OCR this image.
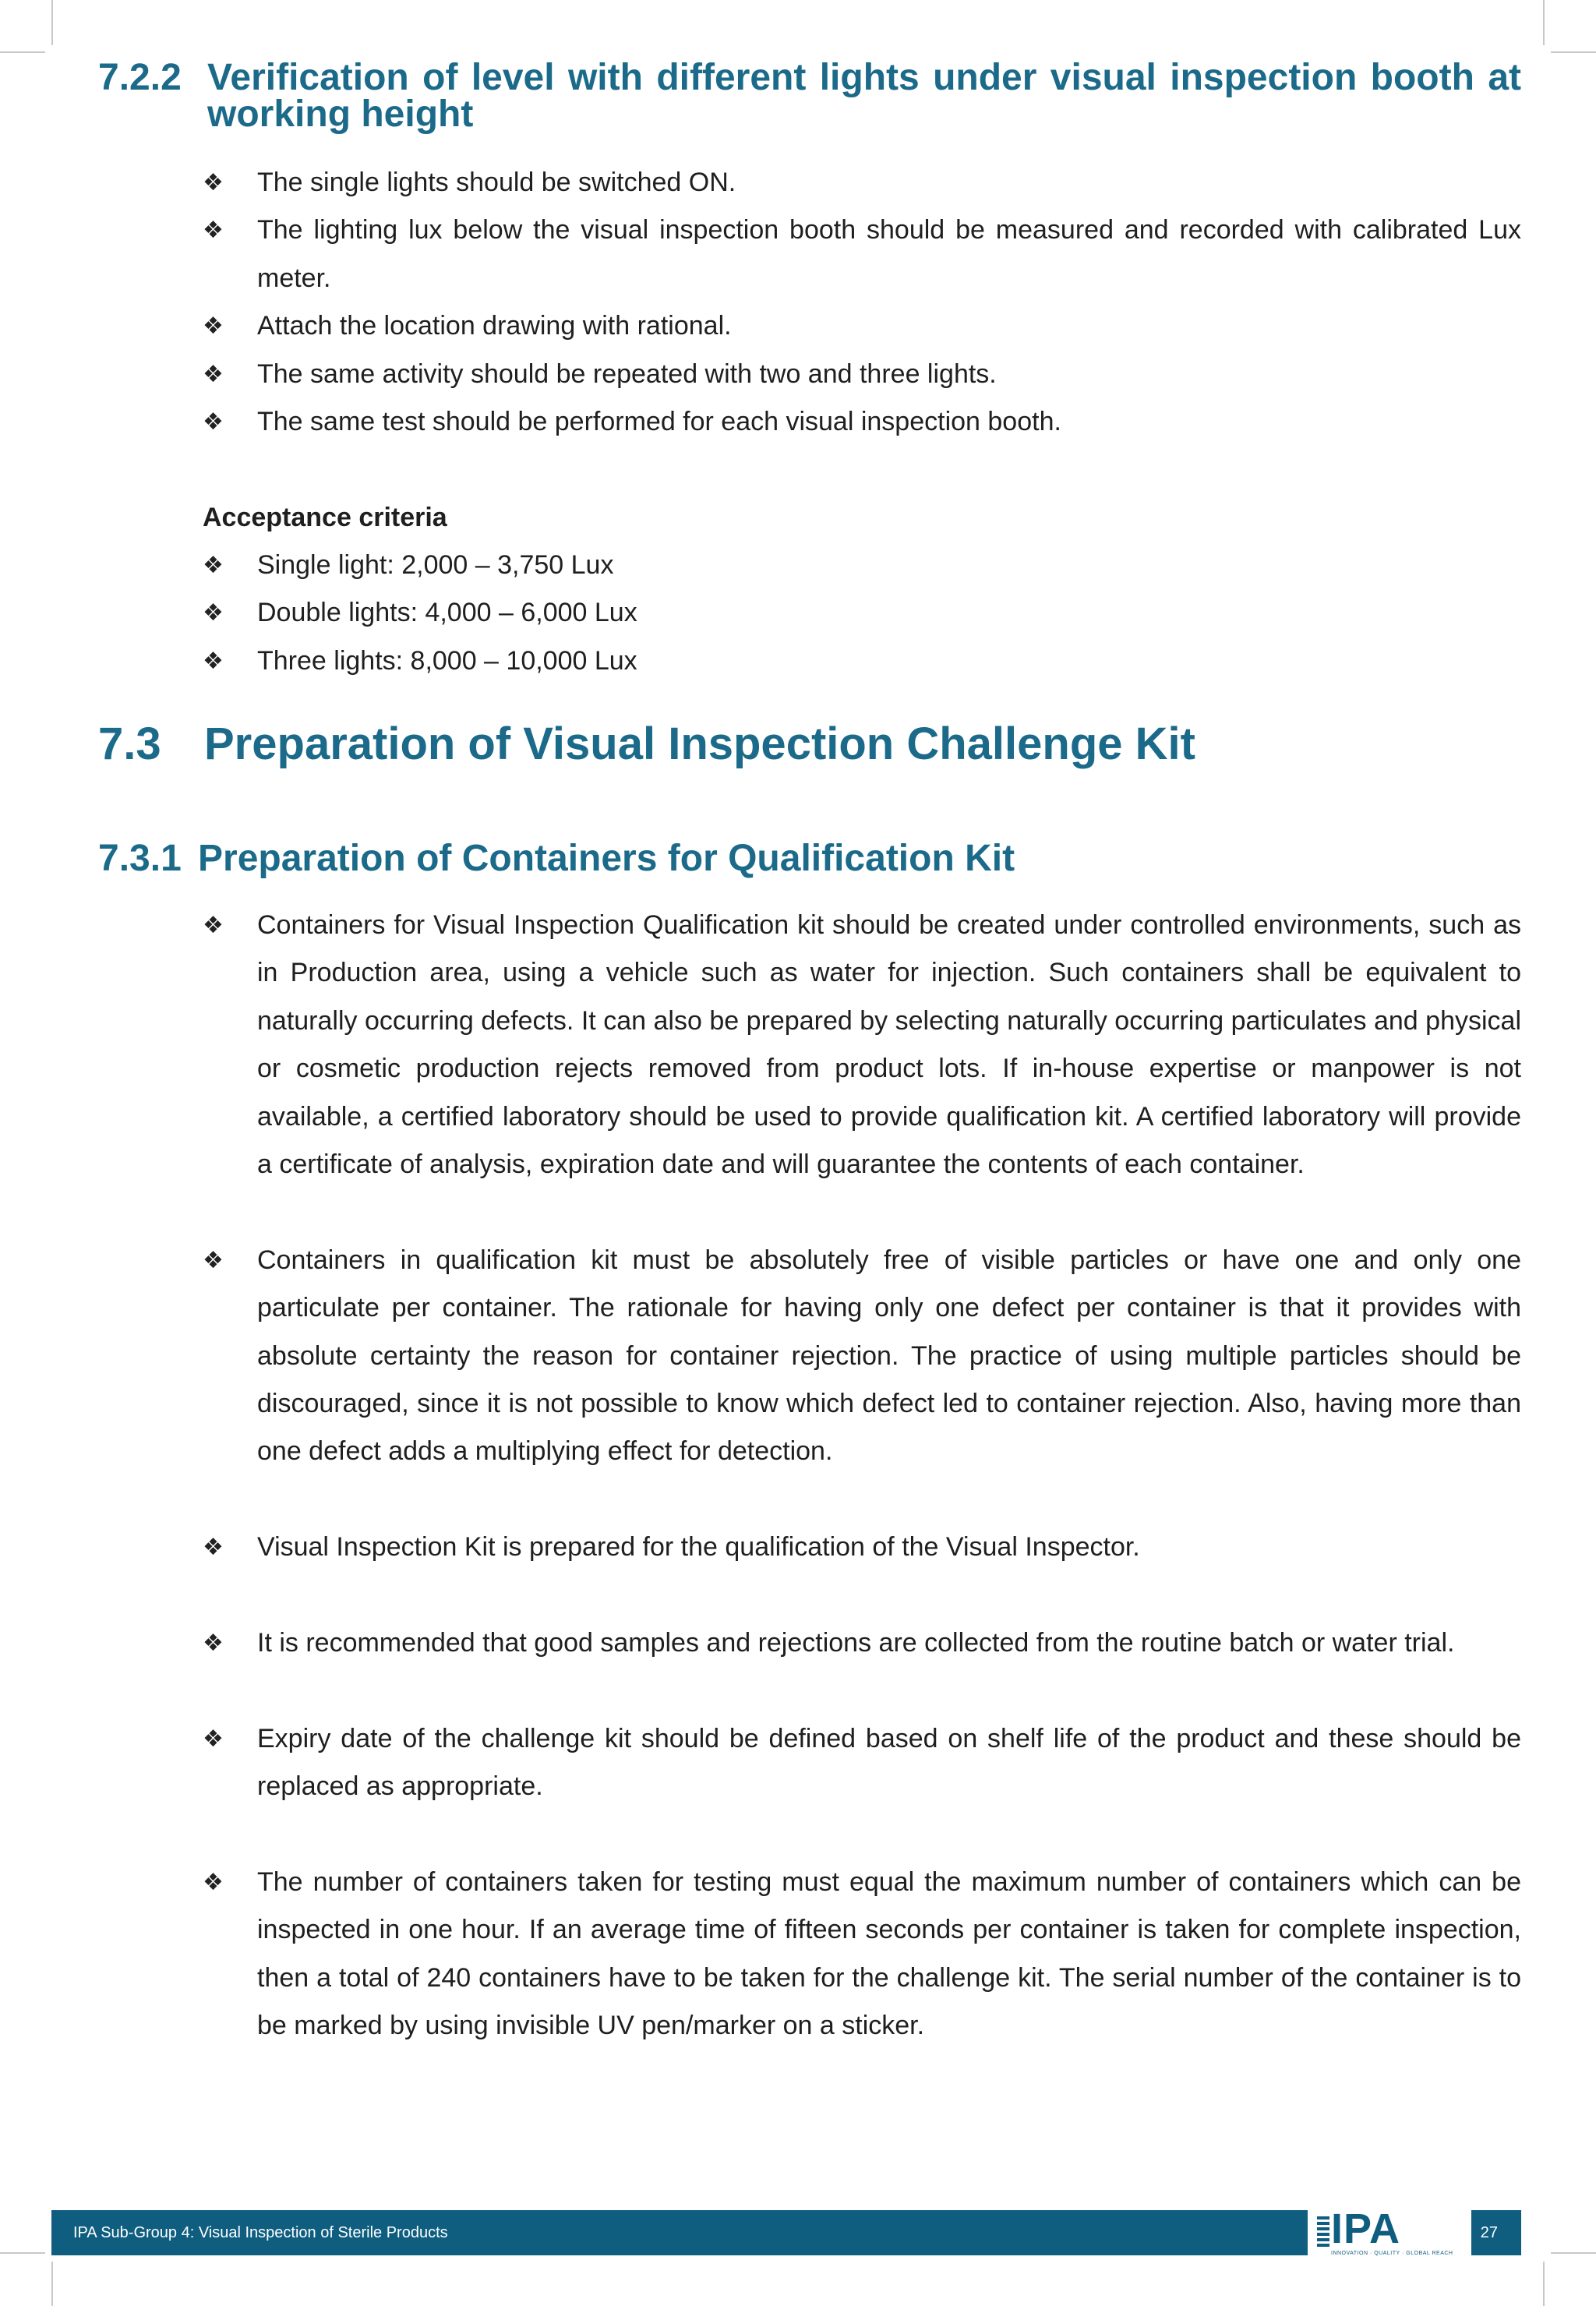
7.2.2 Verification of level with different lights under visual inspection booth at working height
❖ The single lights should be switched ON.
❖ The lighting lux below the visual inspection booth should be measured and recorded with calibrated Lux meter.
❖ Attach the location drawing with rational.
❖ The same activity should be repeated with two and three lights.
❖ The same test should be performed for each visual inspection booth.
Acceptance criteria
❖ Single light: 2,000 – 3,750 Lux
❖ Double lights: 4,000 – 6,000 Lux
❖ Three lights: 8,000 – 10,000 Lux
7.3 Preparation of Visual Inspection Challenge Kit
7.3.1 Preparation of Containers for Qualification Kit
❖ Containers for Visual Inspection Qualification kit should be created under controlled environments, such as in Production area, using a vehicle such as water for injection. Such containers shall be equivalent to naturally occurring defects. It can also be prepared by selecting naturally occurring particulates and physical or cosmetic production rejects removed from product lots. If in-house expertise or manpower is not available, a certified laboratory should be used to provide qualification kit. A certified laboratory will provide a certificate of analysis, expiration date and will guarantee the contents of each container.
❖ Containers in qualification kit must be absolutely free of visible particles or have one and only one particulate per container. The rationale for having only one defect per container is that it provides with absolute certainty the reason for container rejection. The practice of using multiple particles should be discouraged, since it is not possible to know which defect led to container rejection. Also, having more than one defect adds a multiplying effect for detection.
❖ Visual Inspection Kit is prepared for the qualification of the Visual Inspector.
❖ It is recommended that good samples and rejections are collected from the routine batch or water trial.
❖ Expiry date of the challenge kit should be defined based on shelf life of the product and these should be replaced as appropriate.
❖ The number of containers taken for testing must equal the maximum number of containers which can be inspected in one hour. If an average time of fifteen seconds per container is taken for complete inspection, then a total of 240 containers have to be taken for the challenge kit. The serial number of the container is to be marked by using invisible UV pen/marker on a sticker.
IPA Sub-Group 4: Visual Inspection of Sterile Products	IPA
INNOVATION · QUALITY · GLOBAL REACH
27
